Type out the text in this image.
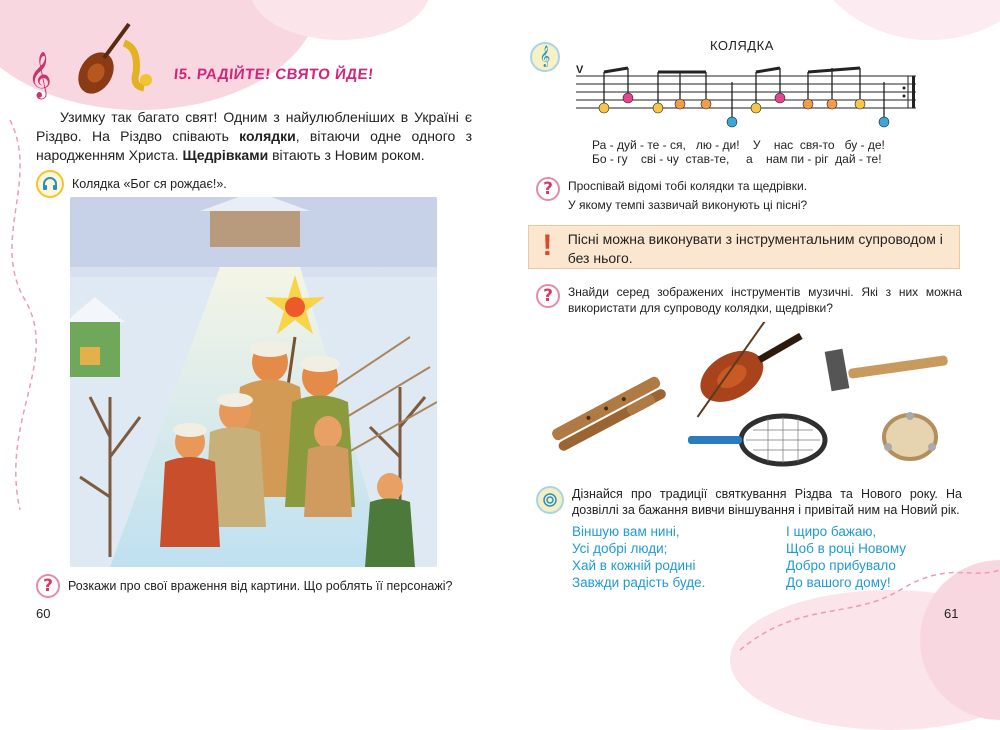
𝄞	І5. РАДІЙТЕ! СВЯТО ЙДЕ!
Узимку так багато свят! Одним з найулюбленіших в Україні є Різдво. На Різдво співають колядки, вітаючи одне одного з народженням Христа. Щедрівками вітають з Новим роком.
Колядка «Бог ся рождає!».
?	Розкажи про свої враження від картини. Що роблять її персонажі?
60
𝄞
КОЛЯДКА
V
Ра - дуй - те - ся,   лю - ди!    У    нас  свя-то   бу - де!
Бо - гу    сві - чу  став-те,     а    нам пи - ріг  дай - те!
?	Проспівай відомі тобі колядки та щедрівки.
У якому темпі зазвичай виконують ці пісні?
!	Пісні можна виконувати з інструментальним супроводом і без нього.
?	Знайди серед зображених інструментів музичні. Які з них можна використати для супроводу колядки, щедрівки?
Дізнайся про традиції святкування Різдва та Нового року. На дозвіллі за бажання вивчи віншування і привітай ним на Новий рік.
Віншую вам нині,
Усі добрі люди;
Хай в кожній родині
Завжди радість буде.
І щиро бажаю,
Щоб в році Новому
Добро прибувало
До вашого дому!
61
